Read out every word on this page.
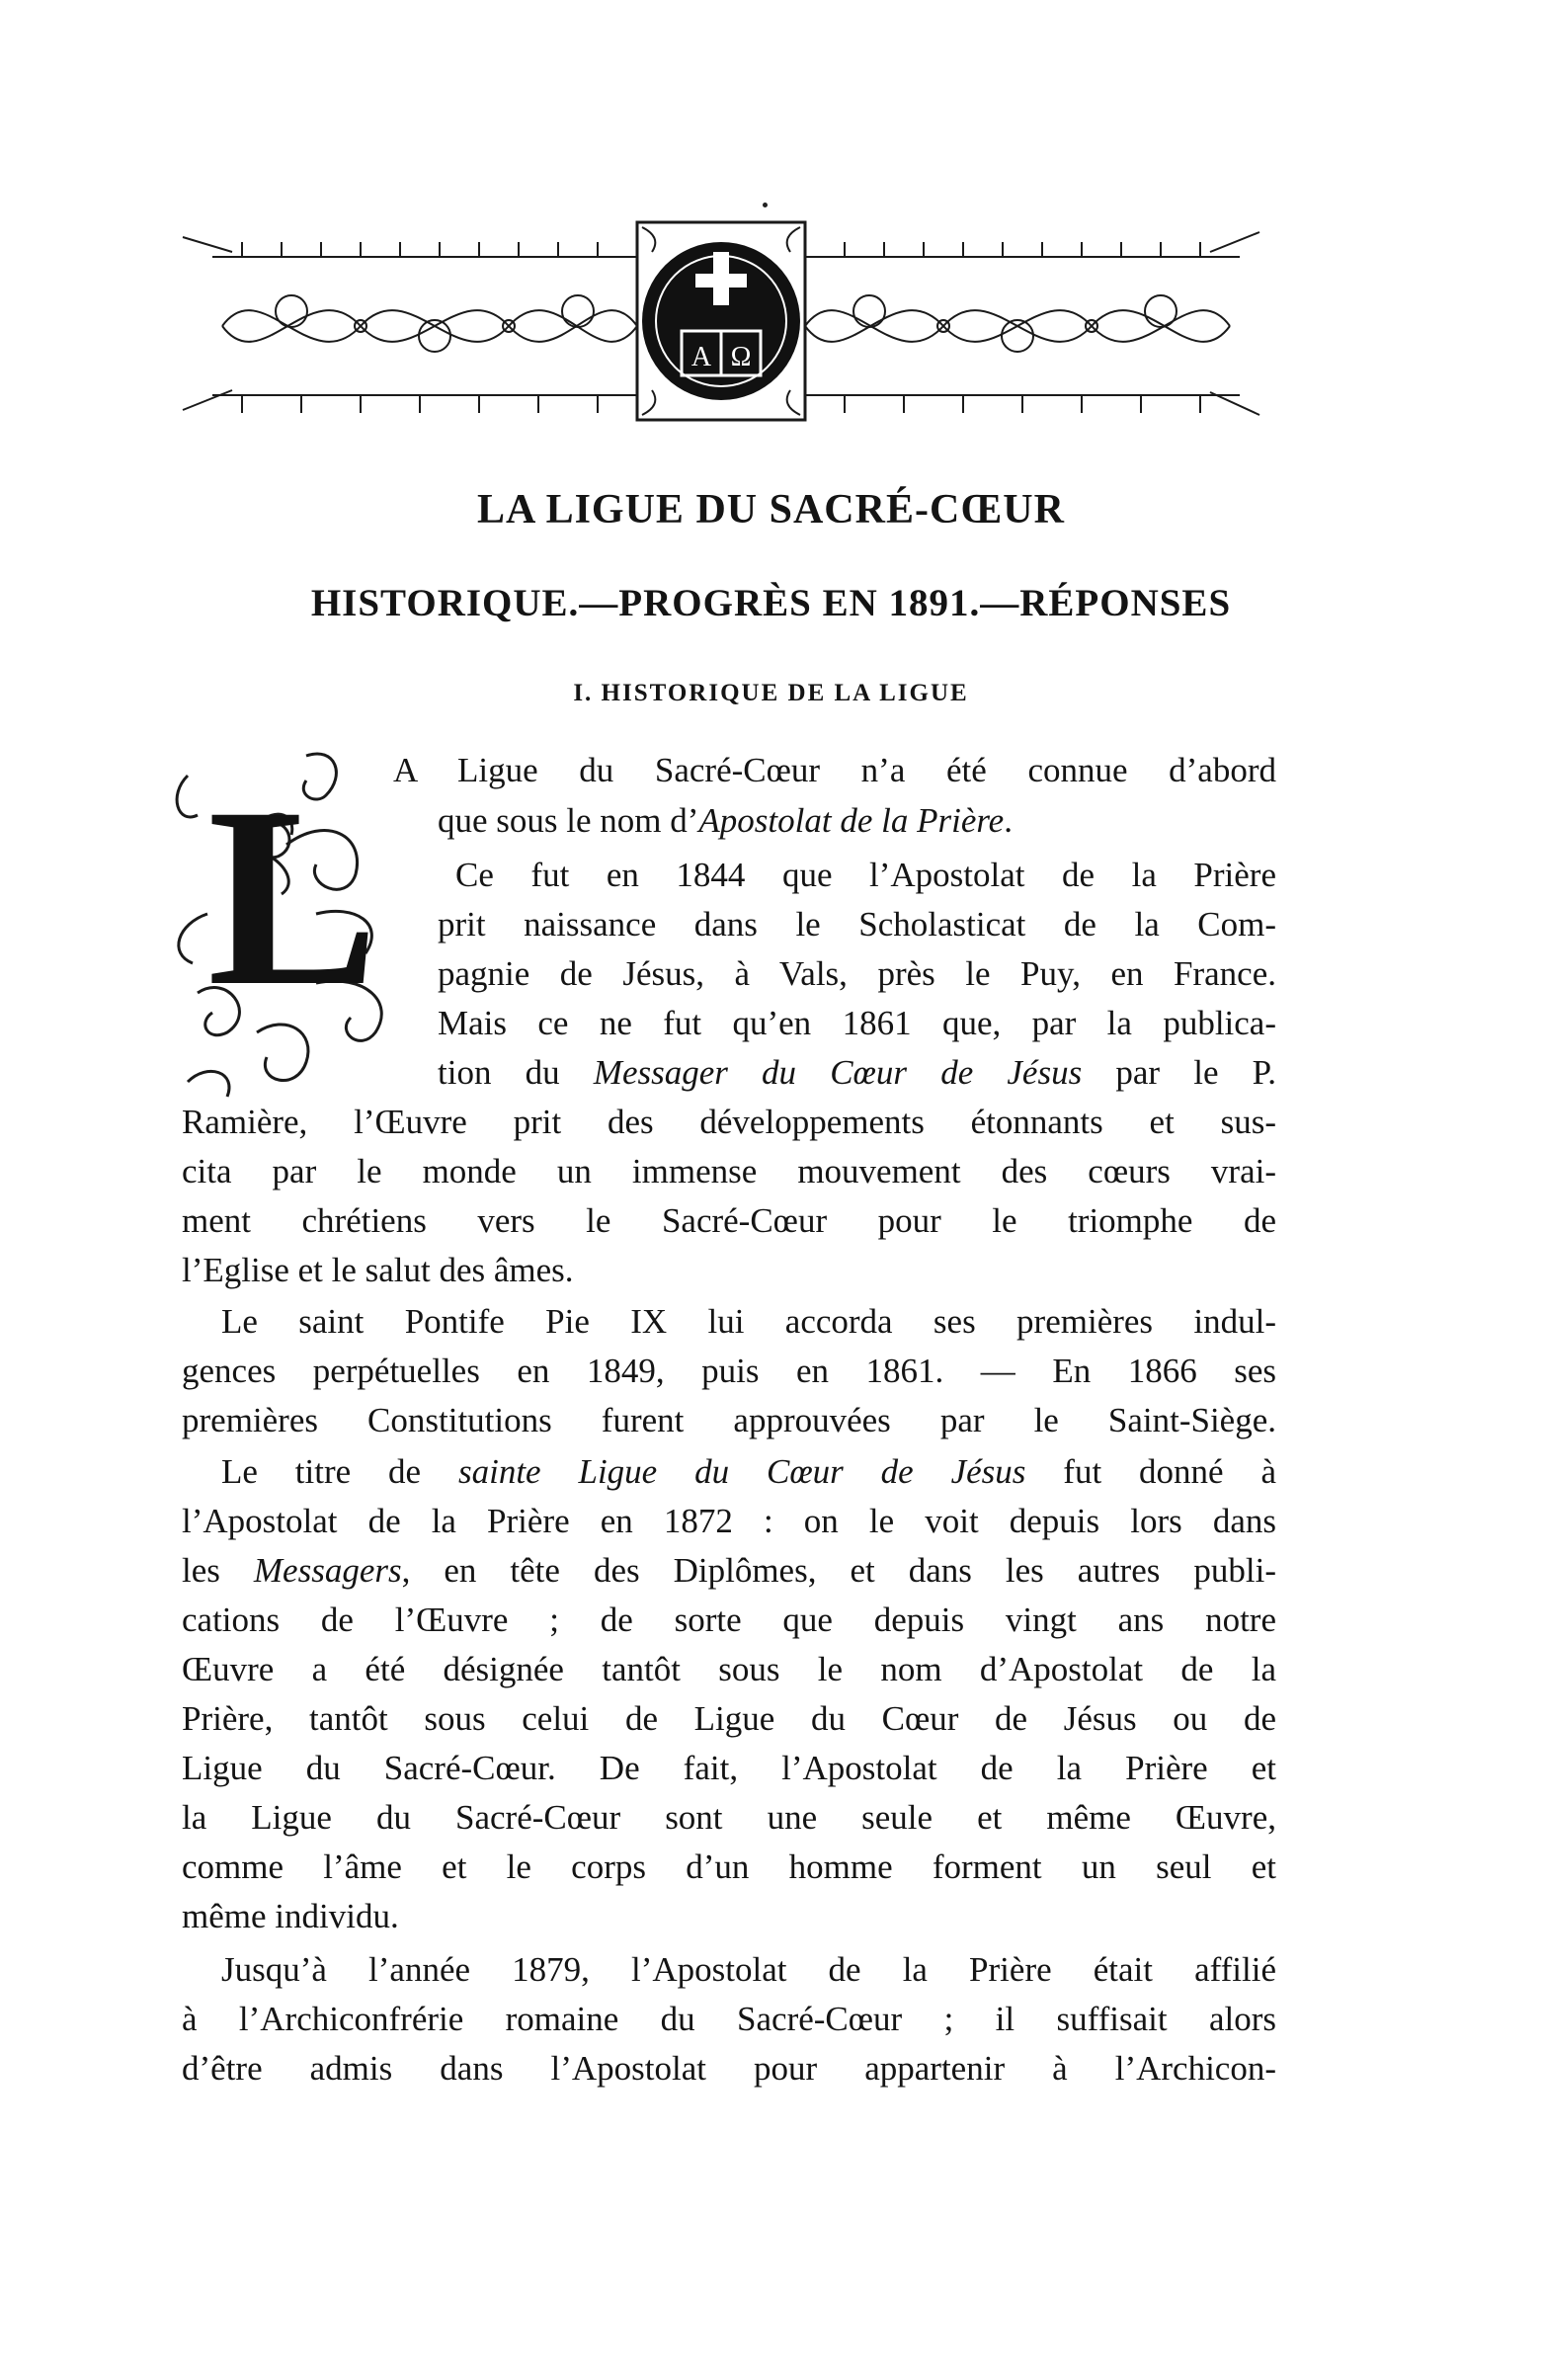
A Ω
LA LIGUE DU SACRÉ-CŒUR
HISTORIQUE.—PROGRÈS EN 1891.—RÉPONSES
I. HISTORIQUE DE LA LIGUE
L A Ligue du Sacré-Cœur n’a été connue d’abord

que sous le nom d’Apostolat de la Prière.

Ce fut en 1844 que l’Apostolat de la Prière

prit naissance dans le Scholasticat de la Com-

pagnie de Jésus, à Vals, près le Puy, en France.

Mais ce ne fut qu’en 1861 que, par la publica-

tion du Messager du Cœur de Jésus par le P.

Ramière, l’Œuvre prit des développements étonnants et sus-

cita par le monde un immense mouvement des cœurs vrai-

ment chrétiens vers le Sacré-Cœur pour le triomphe de

l’Eglise et le salut des âmes.

Le saint Pontife Pie IX lui accorda ses premières indul-

gences perpétuelles en 1849, puis en 1861. — En 1866 ses

premières Constitutions furent approuvées par le Saint-Siège.

Le titre de sainte Ligue du Cœur de Jésus fut donné à

l’Apostolat de la Prière en 1872 : on le voit depuis lors dans

les Messagers, en tête des Diplômes, et dans les autres publi-

cations de l’Œuvre ; de sorte que depuis vingt ans notre

Œuvre a été désignée tantôt sous le nom d’Apostolat de la

Prière, tantôt sous celui de Ligue du Cœur de Jésus ou de

Ligue du Sacré-Cœur. De fait, l’Apostolat de la Prière et

la Ligue du Sacré-Cœur sont une seule et même Œuvre,

comme l’âme et le corps d’un homme forment un seul et

même individu.

Jusqu’à l’année 1879, l’Apostolat de la Prière était affilié

à l’Archiconfrérie romaine du Sacré-Cœur ; il suffisait alors

d’être admis dans l’Apostolat pour appartenir à l’Archicon-
